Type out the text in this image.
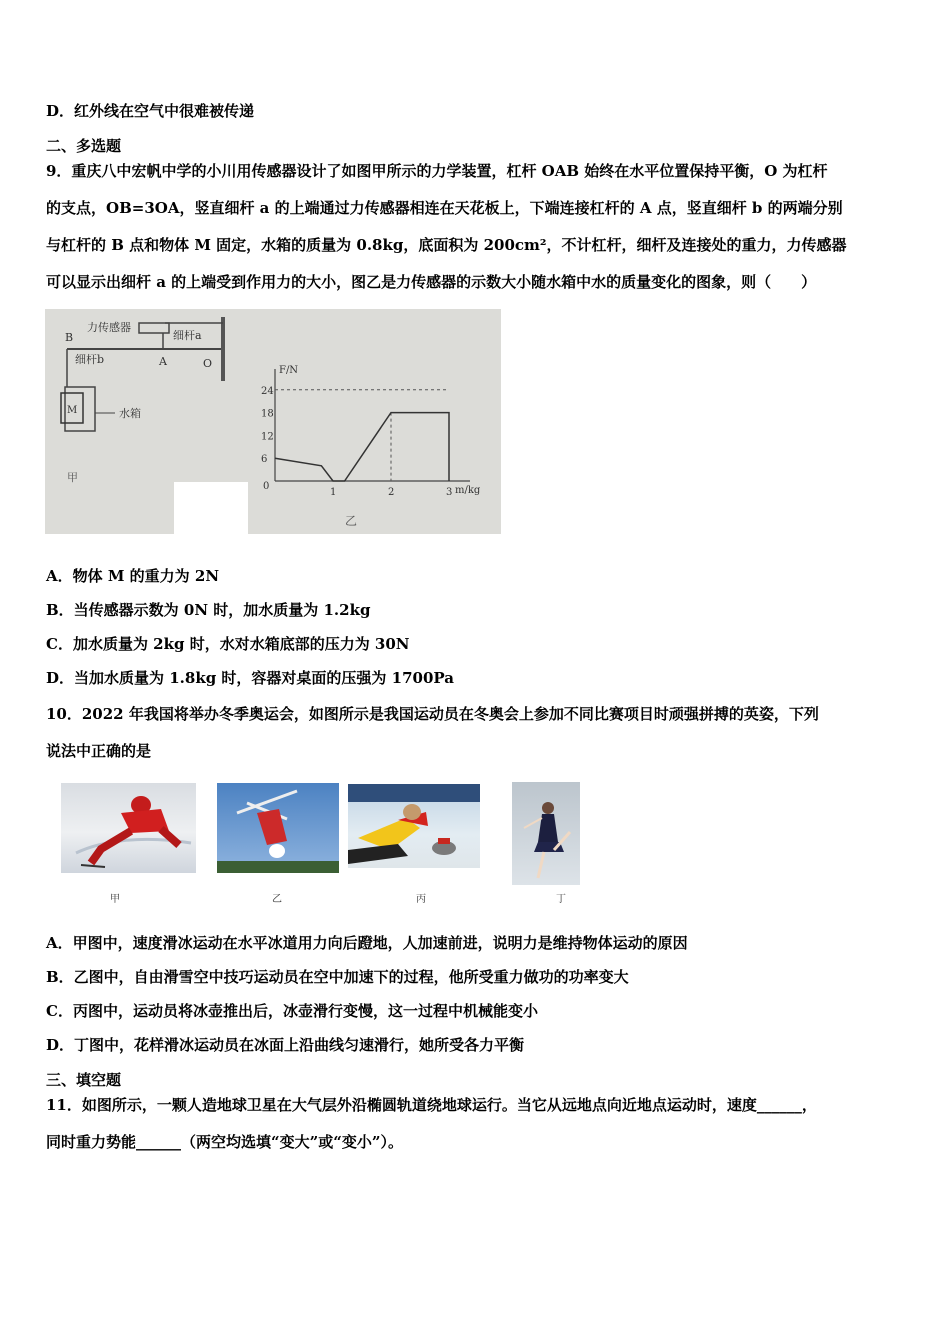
D．红外线在空气中很难被传递
二、多选题
9．重庆八中宏帆中学的小川用传感器设计了如图甲所示的力学装置，杠杆 OAB 始终在水平位置保持平衡，O 为杠杆
的支点，OB=3OA，竖直细杆 a 的上端通过力传感器相连在天花板上，下端连接杠杆的 A 点，竖直细杆 b 的两端分别
与杠杆的 B 点和物体 M 固定，水箱的质量为 0.8kg，底面积为 200cm²，不计杠杆，细杆及连接处的重力，力传感器
可以显示出细杆 a 的上端受到作用力的大小，图乙是力传感器的示数大小随水箱中水的质量变化的图象，则（　　）
B
力传感器
细杆a
细杆b	A	O
M	水箱
甲
F/N
m/kg
0
乙
6
12
18
24
1	2	3
A．物体 M 的重力为 2N
B．当传感器示数为 0N 时，加水质量为 1.2kg
C．加水质量为 2kg 时，水对水箱底部的压力为 30N
D．当加水质量为 1.8kg 时，容器对桌面的压强为 1700Pa
10．2022 年我国将举办冬季奥运会，如图所示是我国运动员在冬奥会上参加不同比赛项目时顽强拼搏的英姿，下列
说法中正确的是
甲	乙	丙	丁
A．甲图中，速度滑冰运动在水平冰道用力向后蹬地，人加速前进，说明力是维持物体运动的原因
B．乙图中，自由滑雪空中技巧运动员在空中加速下的过程，他所受重力做功的功率变大
C．丙图中，运动员将冰壶推出后，冰壶滑行变慢，这一过程中机械能变小
D．丁图中，花样滑冰运动员在冰面上沿曲线匀速滑行，她所受各力平衡
三、填空题
11．如图所示，一颗人造地球卫星在大气层外沿椭圆轨道绕地球运行。当它从远地点向近地点运动时，速度______，
同时重力势能______（两空均选填“变大”或“变小”）。
